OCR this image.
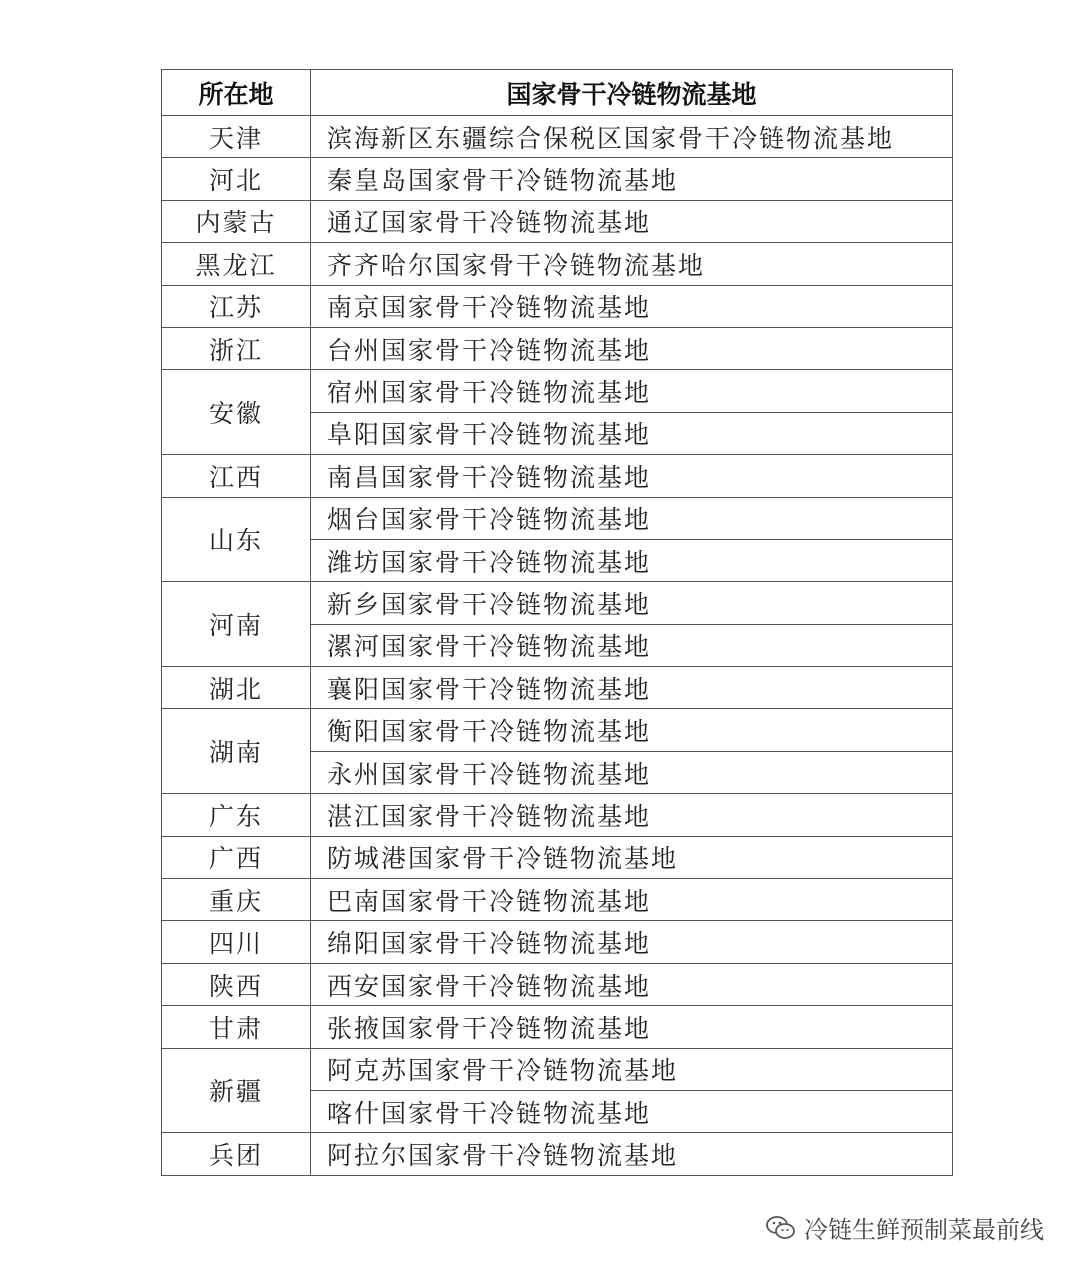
所在地	国家骨干冷链物流基地
天津	滨海新区东疆综合保税区国家骨干冷链物流基地
河北	秦皇岛国家骨干冷链物流基地
内蒙古	通辽国家骨干冷链物流基地
黑龙江	齐齐哈尔国家骨干冷链物流基地
江苏	南京国家骨干冷链物流基地
浙江	台州国家骨干冷链物流基地
安徽	宿州国家骨干冷链物流基地
	阜阳国家骨干冷链物流基地
江西	南昌国家骨干冷链物流基地
山东	烟台国家骨干冷链物流基地
	潍坊国家骨干冷链物流基地
河南	新乡国家骨干冷链物流基地
	漯河国家骨干冷链物流基地
湖北	襄阳国家骨干冷链物流基地
湖南	衡阳国家骨干冷链物流基地
	永州国家骨干冷链物流基地
广东	湛江国家骨干冷链物流基地
广西	防城港国家骨干冷链物流基地
重庆	巴南国家骨干冷链物流基地
四川	绵阳国家骨干冷链物流基地
陕西	西安国家骨干冷链物流基地
甘肃	张掖国家骨干冷链物流基地
新疆	阿克苏国家骨干冷链物流基地
	喀什国家骨干冷链物流基地
兵团	阿拉尔国家骨干冷链物流基地
冷链生鲜预制菜最前线
